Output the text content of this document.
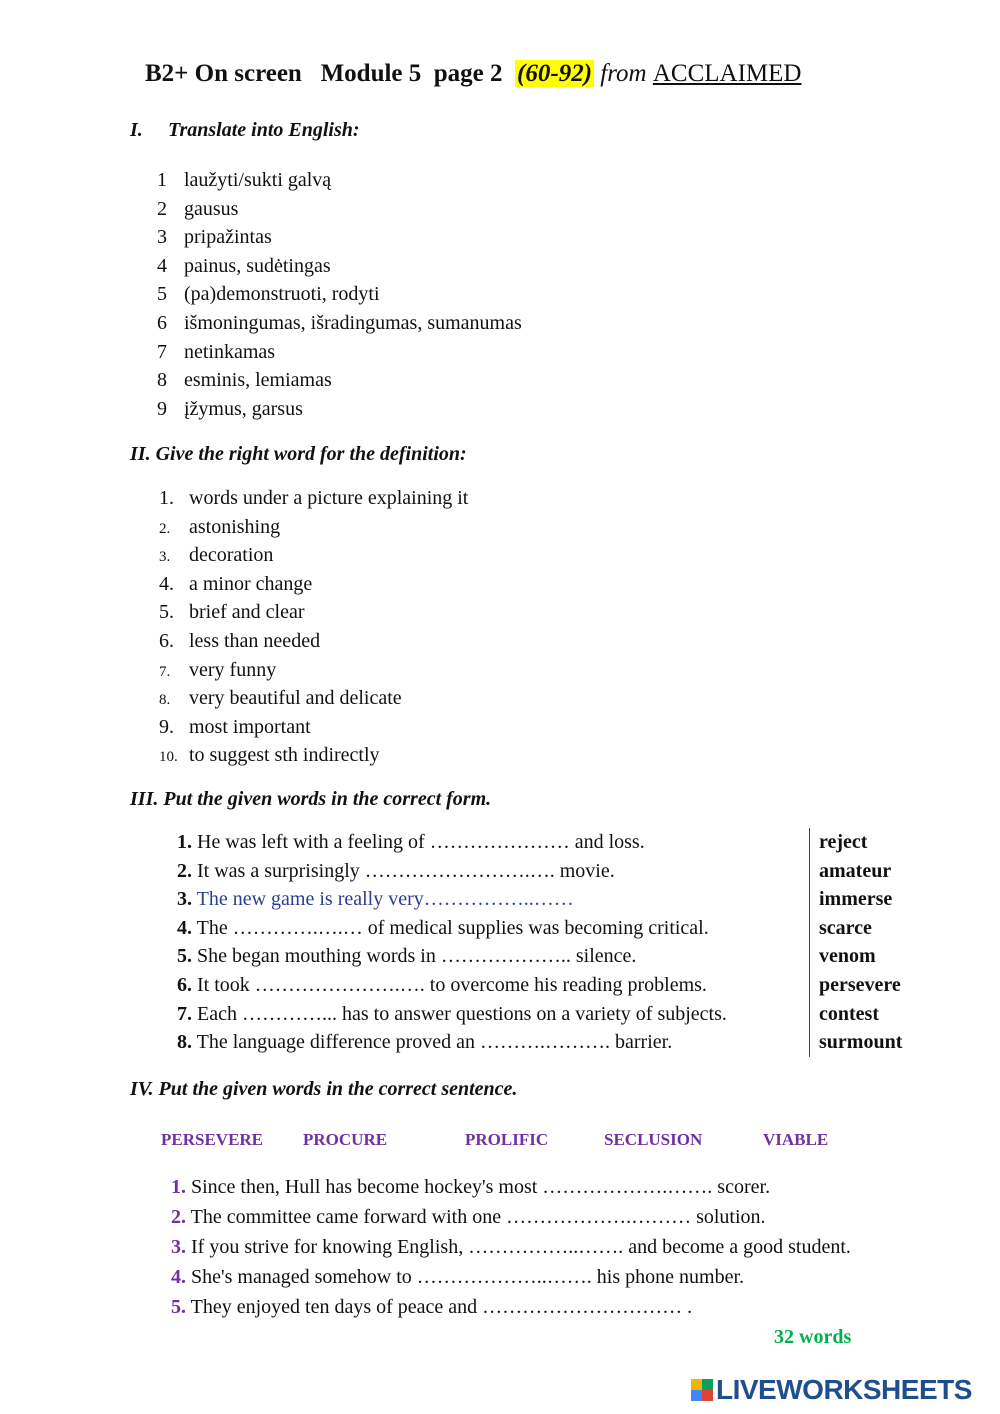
B2+ On screen   Module 5  page 2  (60-92) from ACCLAIMED
I. Translate into English:
1 laužyti/sukti galvą
2 gausus
3 pripažintas
4 painus, sudėtingas
5 (pa)demonstruoti, rodyti
6 išmoningumas, išradingumas, sumanumas
7 netinkamas
8 esminis, lemiamas
9 įžymus, garsus
II. Give the right word for the definition:
1. words under a picture explaining it
2. astonishing
3. decoration
4. a minor change
5. brief and clear
6. less than needed
7. very funny
8. very beautiful and delicate
9. most important
10. to suggest sth indirectly
III. Put the given words in the correct form.
1. He was left with a feeling of ………………… and loss.	reject
2. It was a surprisingly …………………….…. movie.	amateur
3. The new game is really very……………..……	immerse
4. The ………….….… of medical supplies was becoming critical.	scarce
5. She began mouthing words in ……………….. silence.	venom
6. It took ………………….…. to overcome his reading problems.	persevere
7. Each …………... has to answer questions on a variety of subjects.	contest
8. The language difference proved an ……….………. barrier.	surmount
IV. Put the given words in the correct sentence.
PERSEVERE PROCURE	PROLIFIC	SECLUSION	VIABLE
1. Since then, Hull has become hockey's most ……………….……. scorer.
2. The committee came forward with one ……………….……… solution.
3. If you strive for knowing English, ……………..……. and become a good student.
4. She's managed somehow to ………………..……. his phone number.
5. They enjoyed ten days of peace and ………………………… .
32 words
LIVEWORKSHEETS
